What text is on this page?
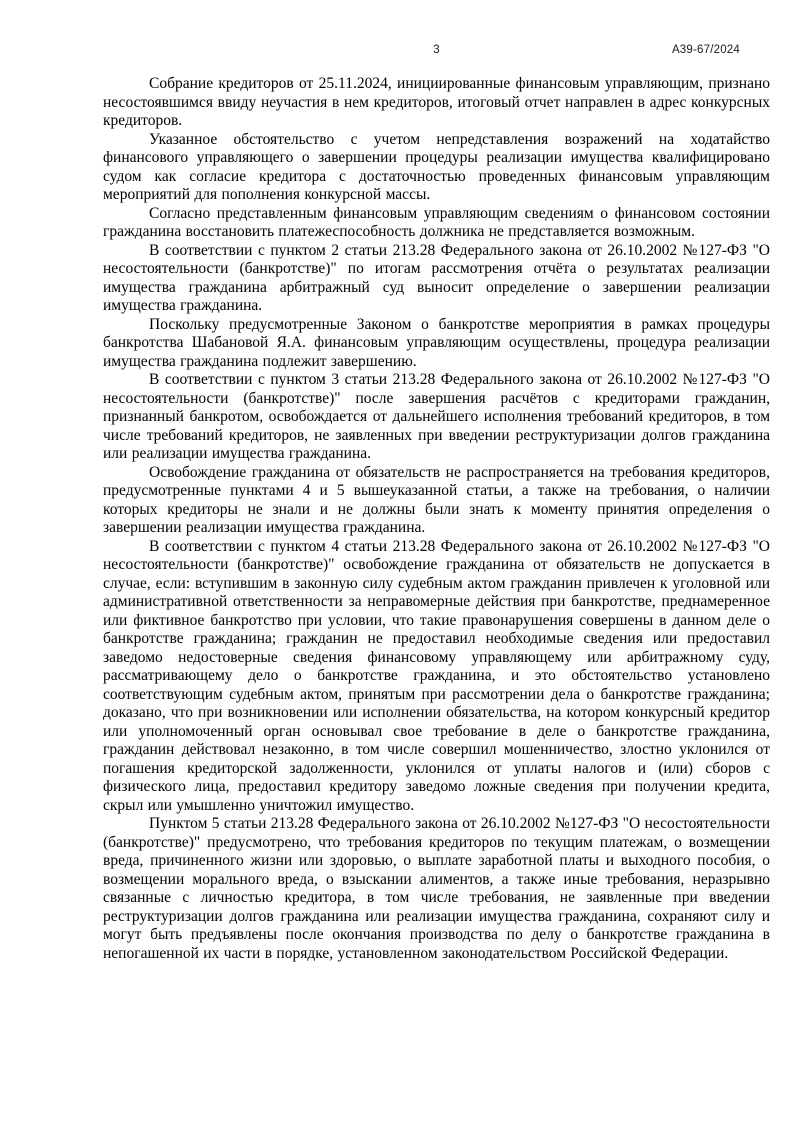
3	А39-67/2024

Собрание кредиторов от 25.11.2024, инициированные финансовым управляющим, признано несостоявшимся ввиду неучастия в нем кредиторов, итоговый отчет направлен в адрес конкурсных кредиторов.

Указанное обстоятельство с учетом непредставления возражений на ходатайство финансового управляющего о завершении процедуры реализации имущества квалифицировано судом как согласие кредитора с достаточностью проведенных финансовым управляющим мероприятий для пополнения конкурсной массы.

Согласно представленным финансовым управляющим сведениям о финансовом состоянии гражданина восстановить платежеспособность должника не представляется возможным.

В соответствии с пунктом 2 статьи 213.28 Федерального закона от 26.10.2002 №127-ФЗ "О несостоятельности (банкротстве)" по итогам рассмотрения отчёта о результатах реализации имущества гражданина арбитражный суд выносит определение о завершении реализации имущества гражданина.

Поскольку предусмотренные Законом о банкротстве мероприятия в рамках процедуры банкротства Шабановой Я.А. финансовым управляющим осуществлены, процедура реализации имущества гражданина подлежит завершению.

В соответствии с пунктом 3 статьи 213.28 Федерального закона от 26.10.2002 №127-ФЗ "О несостоятельности (банкротстве)" после завершения расчётов с кредиторами гражданин, признанный банкротом, освобождается от дальнейшего исполнения требований кредиторов, в том числе требований кредиторов, не заявленных при введении реструктуризации долгов гражданина или реализации имущества гражданина.

Освобождение гражданина от обязательств не распространяется на требования кредиторов, предусмотренные пунктами 4 и 5 вышеуказанной статьи, а также на требования, о наличии которых кредиторы не знали и не должны были знать к моменту принятия определения о завершении реализации имущества гражданина.

В соответствии с пунктом 4 статьи 213.28 Федерального закона от 26.10.2002 №127-ФЗ "О несостоятельности (банкротстве)" освобождение гражданина от обязательств не допускается в случае, если: вступившим в законную силу судебным актом гражданин привлечен к уголовной или административной ответственности за неправомерные действия при банкротстве, преднамеренное или фиктивное банкротство при условии, что такие правонарушения совершены в данном деле о банкротстве гражданина; гражданин не предоставил необходимые сведения или предоставил заведомо недостоверные сведения финансовому управляющему или арбитражному суду, рассматривающему дело о банкротстве гражданина, и это обстоятельство установлено соответствующим судебным актом, принятым при рассмотрении дела о банкротстве гражданина; доказано, что при возникновении или исполнении обязательства, на котором конкурсный кредитор или уполномоченный орган основывал свое требование в деле о банкротстве гражданина, гражданин действовал незаконно, в том числе совершил мошенничество, злостно уклонился от погашения кредиторской задолженности, уклонился от уплаты налогов и (или) сборов с физического лица, предоставил кредитору заведомо ложные сведения при получении кредита, скрыл или умышленно уничтожил имущество.

Пунктом 5 статьи 213.28 Федерального закона от 26.10.2002 №127-ФЗ "О несостоятельности (банкротстве)" предусмотрено, что требования кредиторов по текущим платежам, о возмещении вреда, причиненного жизни или здоровью, о выплате заработной платы и выходного пособия, о возмещении морального вреда, о взыскании алиментов, а также иные требования, неразрывно связанные с личностью кредитора, в том числе требования, не заявленные при введении реструктуризации долгов гражданина или реализации имущества гражданина, сохраняют силу и могут быть предъявлены после окончания производства по делу о банкротстве гражданина в непогашенной их части в порядке, установленном законодательством Российской Федерации.
